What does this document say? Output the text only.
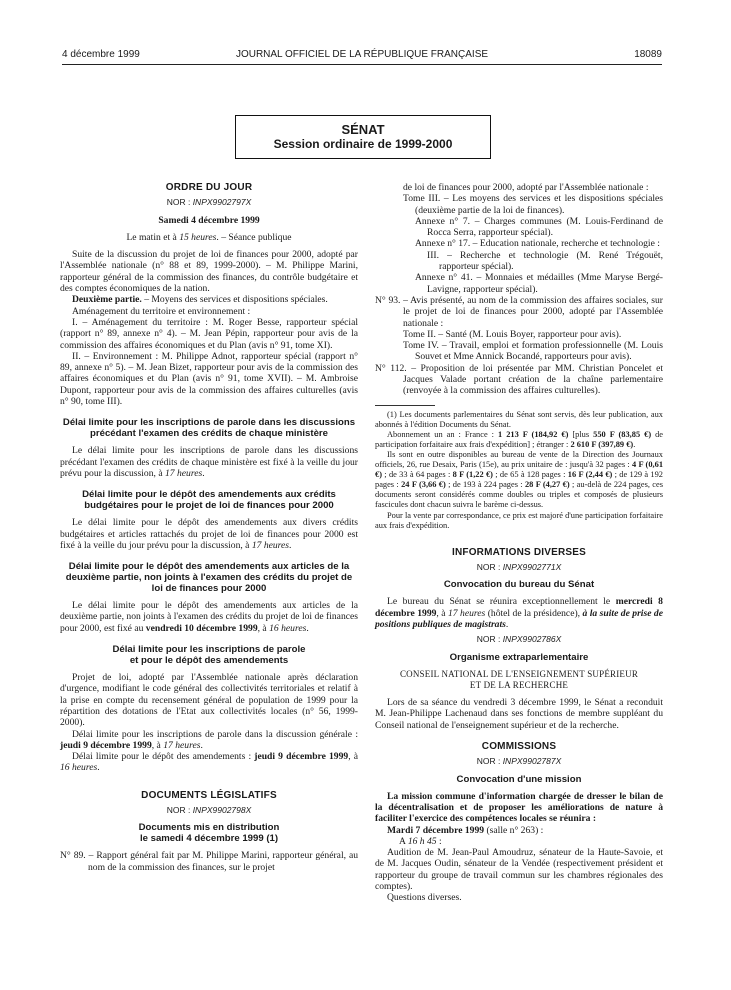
4 décembre 1999	JOURNAL OFFICIEL DE LA RÉPUBLIQUE FRANÇAISE	18089
SÉNAT
Session ordinaire de 1999-2000
ORDRE DU JOUR
NOR : INPX9902797X
Samedi 4 décembre 1999
Le matin et à 15 heures. – Séance publique

Suite de la discussion du projet de loi de finances pour 2000, adopté par l'Assemblée nationale (n° 88 et 89, 1999-2000). – M. Philippe Marini, rapporteur général de la commission des finances, du contrôle budgétaire et des comptes économiques de la nation.

Deuxième partie. – Moyens des services et dispositions spéciales.

Aménagement du territoire et environnement :

I. – Aménagement du territoire : M. Roger Besse, rapporteur spécial (rapport n° 89, annexe n° 4). – M. Jean Pépin, rapporteur pour avis de la commission des affaires économiques et du Plan (avis n° 91, tome XI).

II. – Environnement : M. Philippe Adnot, rapporteur spécial (rapport n° 89, annexe n° 5). – M. Jean Bizet, rapporteur pour avis de la commission des affaires économiques et du Plan (avis n° 91, tome XVII). – M. Ambroise Dupont, rapporteur pour avis de la commission des affaires culturelles (avis n° 90, tome III).

Délai limite pour les inscriptions de parole dans les discussions précédant l'examen des crédits de chaque ministère

Le délai limite pour les inscriptions de parole dans les discussions précédant l'examen des crédits de chaque ministère est fixé à la veille du jour prévu pour la discussion, à 17 heures.

Délai limite pour le dépôt des amendements aux crédits budgétaires pour le projet de loi de finances pour 2000

Le délai limite pour le dépôt des amendements aux divers crédits budgétaires et articles rattachés du projet de loi de finances pour 2000 est fixé à la veille du jour prévu pour la discussion, à 17 heures.

Délai limite pour le dépôt des amendements aux articles de la deuxième partie, non joints à l'examen des crédits du projet de loi de finances pour 2000

Le délai limite pour le dépôt des amendements aux articles de la deuxième partie, non joints à l'examen des crédits du projet de loi de finances pour 2000, est fixé au vendredi 10 décembre 1999, à 16 heures.

Délai limite pour les inscriptions de parole
et pour le dépôt des amendements

Projet de loi, adopté par l'Assemblée nationale après déclaration d'urgence, modifiant le code général des collectivités territoriales et relatif à la prise en compte du recensement général de population de 1999 pour la répartition des dotations de l'Etat aux collectivités locales (n° 56, 1999-2000).

Délai limite pour les inscriptions de parole dans la discussion générale : jeudi 9 décembre 1999, à 17 heures.

Délai limite pour le dépôt des amendements : jeudi 9 décembre 1999, à 16 heures.

DOCUMENTS LÉGISLATIFS
NOR : INPX9902798X
Documents mis en distribution
le samedi 4 décembre 1999 (1)

N° 89. – Rapport général fait par M. Philippe Marini, rapporteur général, au nom de la commission des finances, sur le projet

de loi de finances pour 2000, adopté par l'Assemblée nationale :

Tome III. – Les moyens des services et les dispositions spéciales (deuxième partie de la loi de finances).

Annexe n° 7. – Charges communes (M. Louis-Ferdinand de Rocca Serra, rapporteur spécial).

Annexe n° 17. – Education nationale, recherche et technologie :

III. – Recherche et technologie (M. René Trégouët, rapporteur spécial).

Annexe n° 41. – Monnaies et médailles (Mme Maryse Bergé-Lavigne, rapporteur spécial).

N° 93. – Avis présenté, au nom de la commission des affaires sociales, sur le projet de loi de finances pour 2000, adopté par l'Assemblée nationale :

Tome II. – Santé (M. Louis Boyer, rapporteur pour avis).

Tome IV. – Travail, emploi et formation professionnelle (M. Louis Souvet et Mme Annick Bocandé, rapporteurs pour avis).

N° 112. – Proposition de loi présentée par MM. Christian Poncelet et Jacques Valade portant création de la chaîne parlementaire (renvoyée à la commission des affaires culturelles).

(1) Les documents parlementaires du Sénat sont servis, dès leur publication, aux abonnés à l'édition Documents du Sénat.

Abonnement un an : France : 1 213 F (184,92 €) [plus 550 F (83,85 €) de participation forfaitaire aux frais d'expédition] ; étranger : 2 610 F (397,89 €).

Ils sont en outre disponibles au bureau de vente de la Direction des Journaux officiels, 26, rue Desaix, Paris (15e), au prix unitaire de : jusqu'à 32 pages : 4 F (0,61 €) ; de 33 à 64 pages : 8 F (1,22 €) ; de 65 à 128 pages : 16 F (2,44 €) ; de 129 à 192 pages : 24 F (3,66 €) ; de 193 à 224 pages : 28 F (4,27 €) ; au-delà de 224 pages, ces documents seront considérés comme doubles ou triples et composés de plusieurs fascicules dont chacun suivra le barème ci-dessus.

Pour la vente par correspondance, ce prix est majoré d'une participation forfaitaire aux frais d'expédition.

INFORMATIONS DIVERSES
NOR : INPX9902771X
Convocation du bureau du Sénat

Le bureau du Sénat se réunira exceptionnellement le mercredi 8 décembre 1999, à 17 heures (hôtel de la présidence), à la suite de prise de positions publiques de magistrats.

NOR : INPX9902786X
Organisme extraparlementaire
CONSEIL NATIONAL DE L'ENSEIGNEMENT SUPÉRIEUR
ET DE LA RECHERCHE

Lors de sa séance du vendredi 3 décembre 1999, le Sénat a reconduit M. Jean-Philippe Lachenaud dans ses fonctions de membre suppléant du Conseil national de l'enseignement supérieur et de la recherche.

COMMISSIONS
NOR : INPX9902787X
Convocation d'une mission

La mission commune d'information chargée de dresser le bilan de la décentralisation et de proposer les améliorations de nature à faciliter l'exercice des compétences locales se réunira :

Mardi 7 décembre 1999 (salle n° 263) :

A 16 h 45 :

Audition de M. Jean-Paul Amoudruz, sénateur de la Haute-Savoie, et de M. Jacques Oudin, sénateur de la Vendée (respectivement président et rapporteur du groupe de travail commun sur les chambres régionales des comptes).

Questions diverses.
